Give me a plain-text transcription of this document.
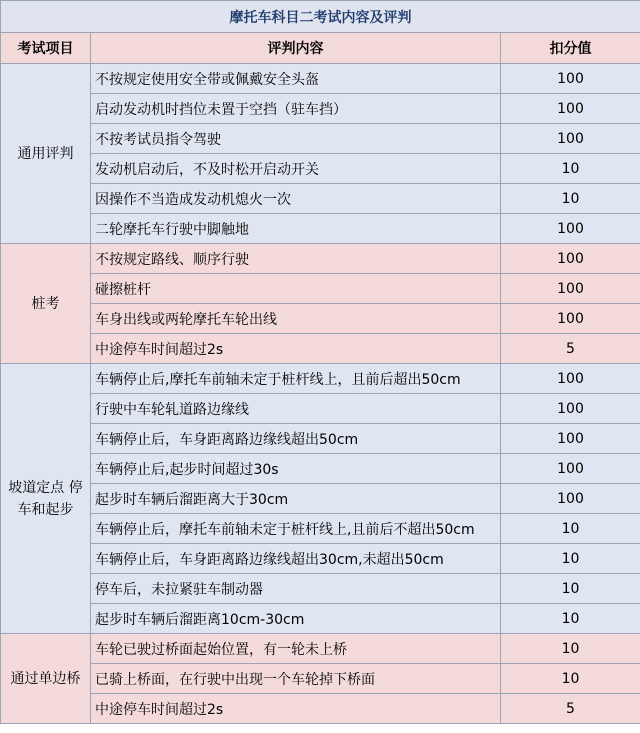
摩托车科目二考试内容及评判		
考试项目	评判内容	扣分值
通用评判	不按规定使用安全带或佩戴安全头盔	100
	启动发动机时挡位未置于空挡（驻车挡）	100
	不按考试员指令驾驶	100
	发动机启动后，不及时松开启动开关	10
	因操作不当造成发动机熄火一次	10
	二轮摩托车行驶中脚触地	100
桩考	不按规定路线、顺序行驶	100
	碰擦桩杆	100
	车身出线或两轮摩托车轮出线	100
	中途停车时间超过2s	5
坡道定点 停车和起步	车辆停止后,摩托车前轴未定于桩杆线上，且前后超出50cm	100
	行驶中车轮轧道路边缘线	100
	车辆停止后，车身距离路边缘线超出50cm	100
	车辆停止后,起步时间超过30s	100
	起步时车辆后溜距离大于30cm	100
	车辆停止后，摩托车前轴未定于桩杆线上,且前后不超出50cm	10
	车辆停止后，车身距离路边缘线超出30cm,未超出50cm	10
	停车后，未拉紧驻车制动器	10
	起步时车辆后溜距离10cm-30cm	10
通过单边桥	车轮已驶过桥面起始位置，有一轮未上桥	10
	已骑上桥面，在行驶中出现一个车轮掉下桥面	10
	中途停车时间超过2s	5
